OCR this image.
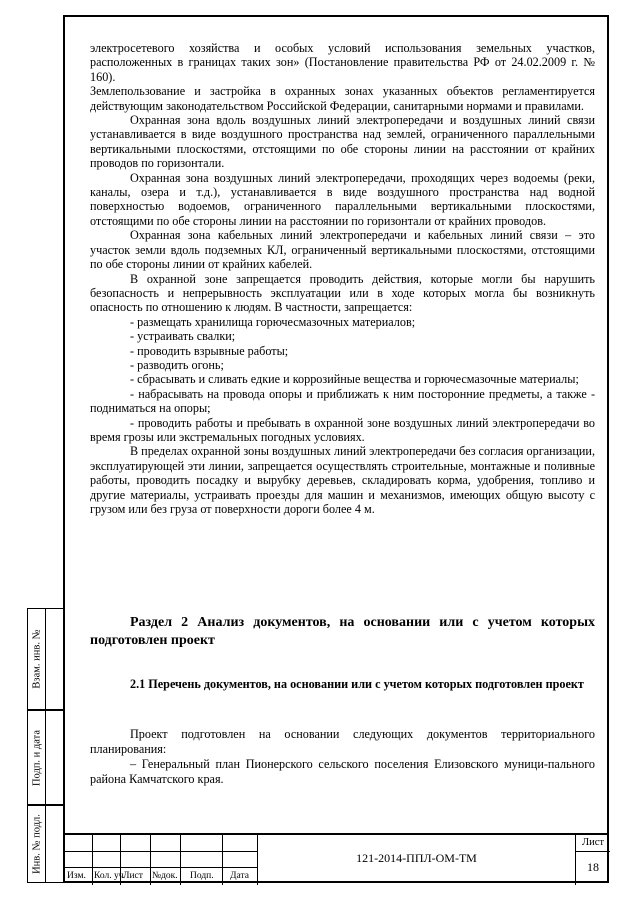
электросетевого хозяйства и особых условий использования земельных участков, расположенных в границах таких зон» (Постановление правительства РФ от 24.02.2009 г. № 160).

Землепользование и застройка в охранных зонах указанных объектов регламентируется действующим законодательством Российской Федерации, санитарными нормами и правилами.

Охранная зона вдоль воздушных линий электропередачи и воздушных линий связи устанавливается в виде воздушного пространства над землей, ограниченного параллельными вертикальными плоскостями, отстоящими по обе стороны линии на расстоянии от крайних проводов по горизонтали.

Охранная зона воздушных линий электропередачи, проходящих через водоемы (реки, каналы, озера и т.д.), устанавливается в виде воздушного пространства над водной поверхностью водоемов, ограниченного параллельными вертикальными плоскостями, отстоящими по обе стороны линии на расстоянии по горизонтали от крайних проводов.

Охранная зона кабельных линий электропередачи и кабельных линий связи – это участок земли вдоль подземных КЛ, ограниченный вертикальными плоскостями, отстоящими по обе стороны линии от крайних кабелей.

В охранной зоне запрещается проводить действия, которые могли бы нарушить безопасность и непрерывность эксплуатации или в ходе которых могла бы возникнуть опасность по отношению к людям. В частности, запрещается:

- размещать хранилища горючесмазочных материалов;

- устраивать свалки;

- проводить взрывные работы;

- разводить огонь;

- сбрасывать и сливать едкие и коррозийные вещества и горючесмазочные материалы;

- набрасывать на провода опоры и приближать к ним посторонние предметы, а также - подниматься на опоры;

- проводить работы и пребывать в охранной зоне воздушных линий электропередачи во время грозы или экстремальных погодных условиях.

В пределах охранной зоны воздушных линий электропередачи без согласия организации, эксплуатирующей эти линии, запрещается осуществлять строительные, монтажные и поливные работы, проводить посадку и вырубку деревьев, складировать корма, удобрения, топливо и другие материалы, устраивать проезды для машин и механизмов, имеющих общую высоту с грузом или без груза от поверхности дороги более 4 м.

Раздел 2 Анализ документов, на основании или с учетом которых подготовлен проект
2.1 Перечень документов, на основании или с учетом которых подготовлен проект

Проект подготовлен на основании следующих документов территориального планирования:

– Генеральный план Пионерского сельского поселения Елизовского муници-пального района Камчатского края.

Взам. инв. №
Подп. и дата
Инв. № подл.
Изм. Кол. уч Лист №док. Подп. Дата
121-2014-ППЛ-ОМ-ТМ
Лист
18
